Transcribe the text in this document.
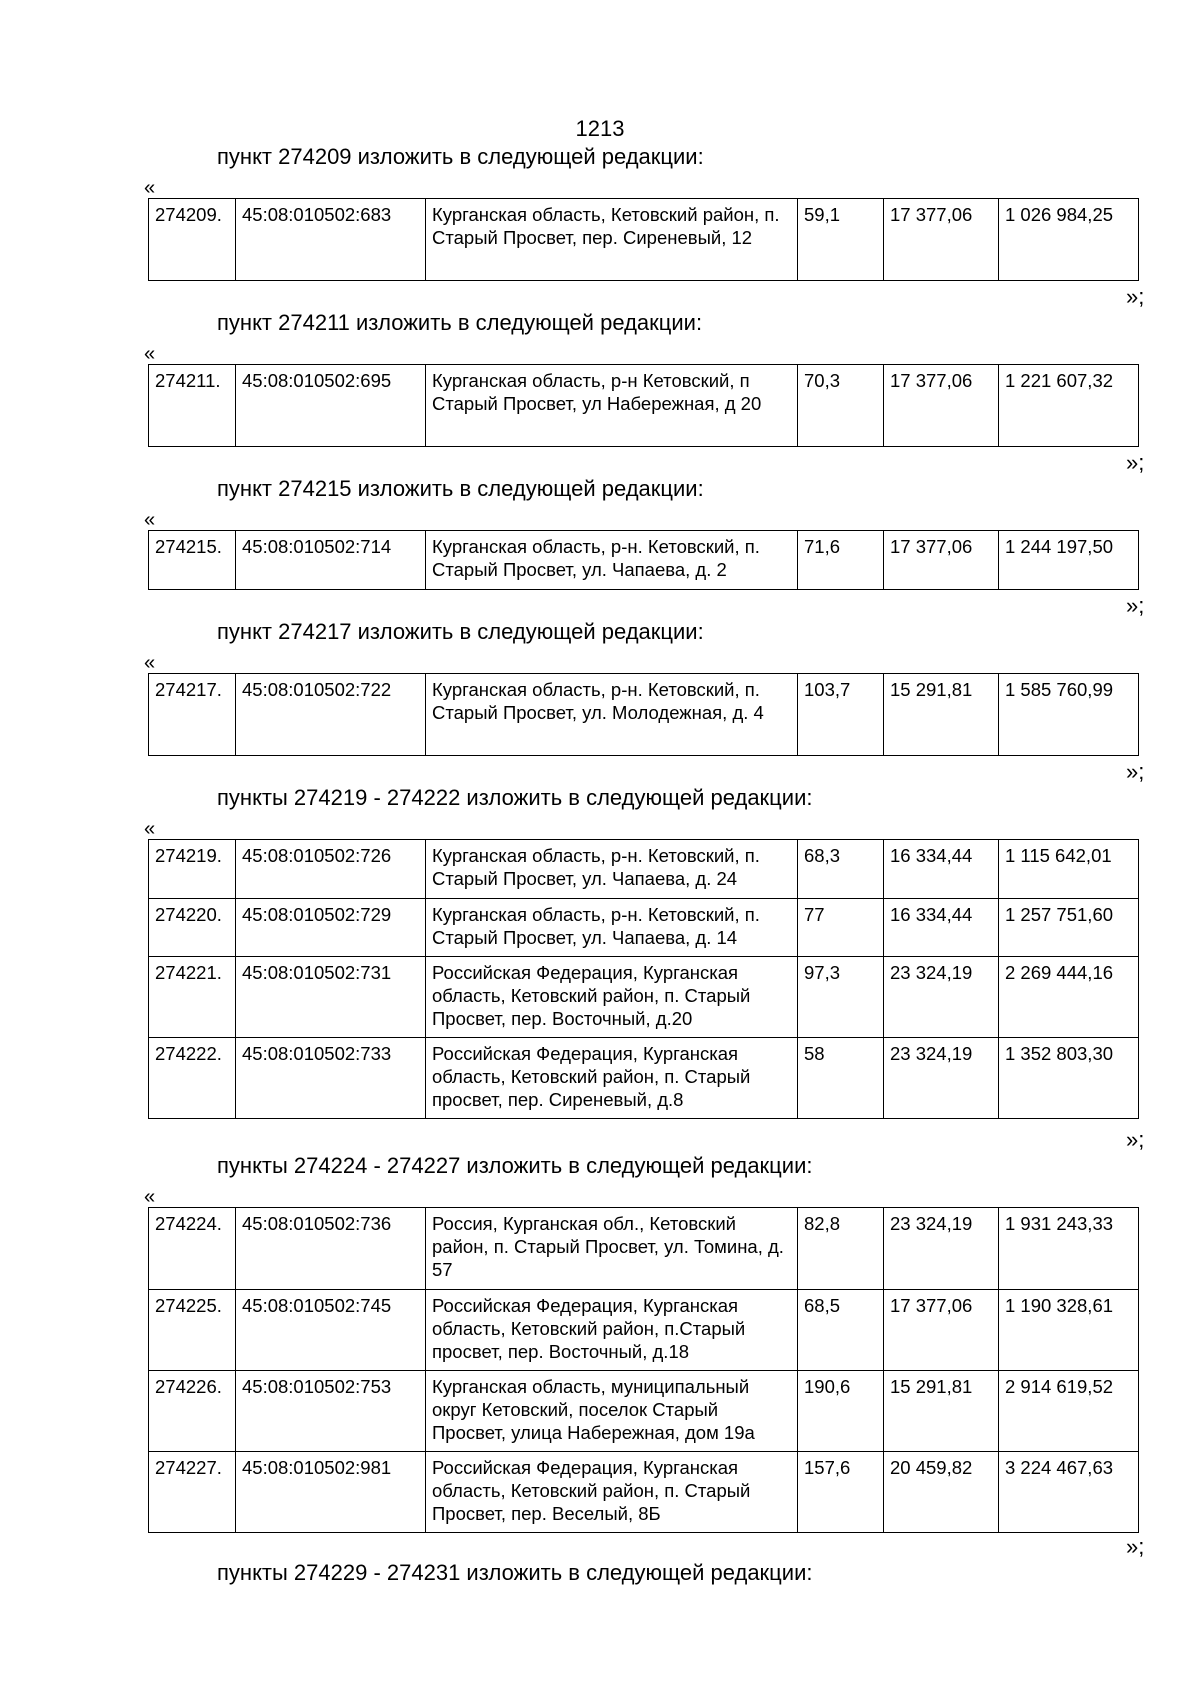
1213
пункт 274209 изложить в следующей редакции:
«
274209.	45:08:010502:683	Курганская область, Кетовский район, п. Старый Просвет, пер. Сиреневый, 12	59,1	17 377,06	1 026 984,25
»;
пункт 274211 изложить в следующей редакции:
«
274211.	45:08:010502:695	Курганская область, р-н Кетовский, п Старый Просвет, ул Набережная, д 20	70,3	17 377,06	1 221 607,32
»;
пункт 274215 изложить в следующей редакции:
«
274215.	45:08:010502:714	Курганская область, р-н. Кетовский, п. Старый Просвет, ул. Чапаева, д. 2	71,6	17 377,06	1 244 197,50
»;
пункт 274217 изложить в следующей редакции:
«
274217.	45:08:010502:722	Курганская область, р-н. Кетовский, п. Старый Просвет, ул. Молодежная, д. 4	103,7	15 291,81	1 585 760,99
»;
пункты 274219 - 274222 изложить в следующей редакции:
«
274219.	45:08:010502:726	Курганская область, р-н. Кетовский, п. Старый Просвет, ул. Чапаева, д. 24	68,3	16 334,44	1 115 642,01
274220.	45:08:010502:729	Курганская область, р-н. Кетовский, п. Старый Просвет, ул. Чапаева, д. 14	77	16 334,44	1 257 751,60
274221.	45:08:010502:731	Российская Федерация, Курганская область, Кетовский район, п. Старый Просвет, пер. Восточный, д.20	97,3	23 324,19	2 269 444,16
274222.	45:08:010502:733	Российская Федерация, Курганская область, Кетовский район, п. Старый просвет, пер. Сиреневый, д.8	58	23 324,19	1 352 803,30
»;
пункты 274224 - 274227 изложить в следующей редакции:
«
274224.	45:08:010502:736	Россия, Курганская обл., Кетовский район, п. Старый Просвет, ул. Томина, д. 57	82,8	23 324,19	1 931 243,33
274225.	45:08:010502:745	Российская Федерация, Курганская область, Кетовский район, п.Старый просвет, пер. Восточный, д.18	68,5	17 377,06	1 190 328,61
274226.	45:08:010502:753	Курганская область, муниципальный округ Кетовский, поселок Старый Просвет, улица Набережная, дом 19а	190,6	15 291,81	2 914 619,52
274227.	45:08:010502:981	Российская Федерация, Курганская область, Кетовский район, п. Старый Просвет, пер. Веселый, 8Б	157,6	20 459,82	3 224 467,63
»;
пункты 274229 - 274231 изложить в следующей редакции:
